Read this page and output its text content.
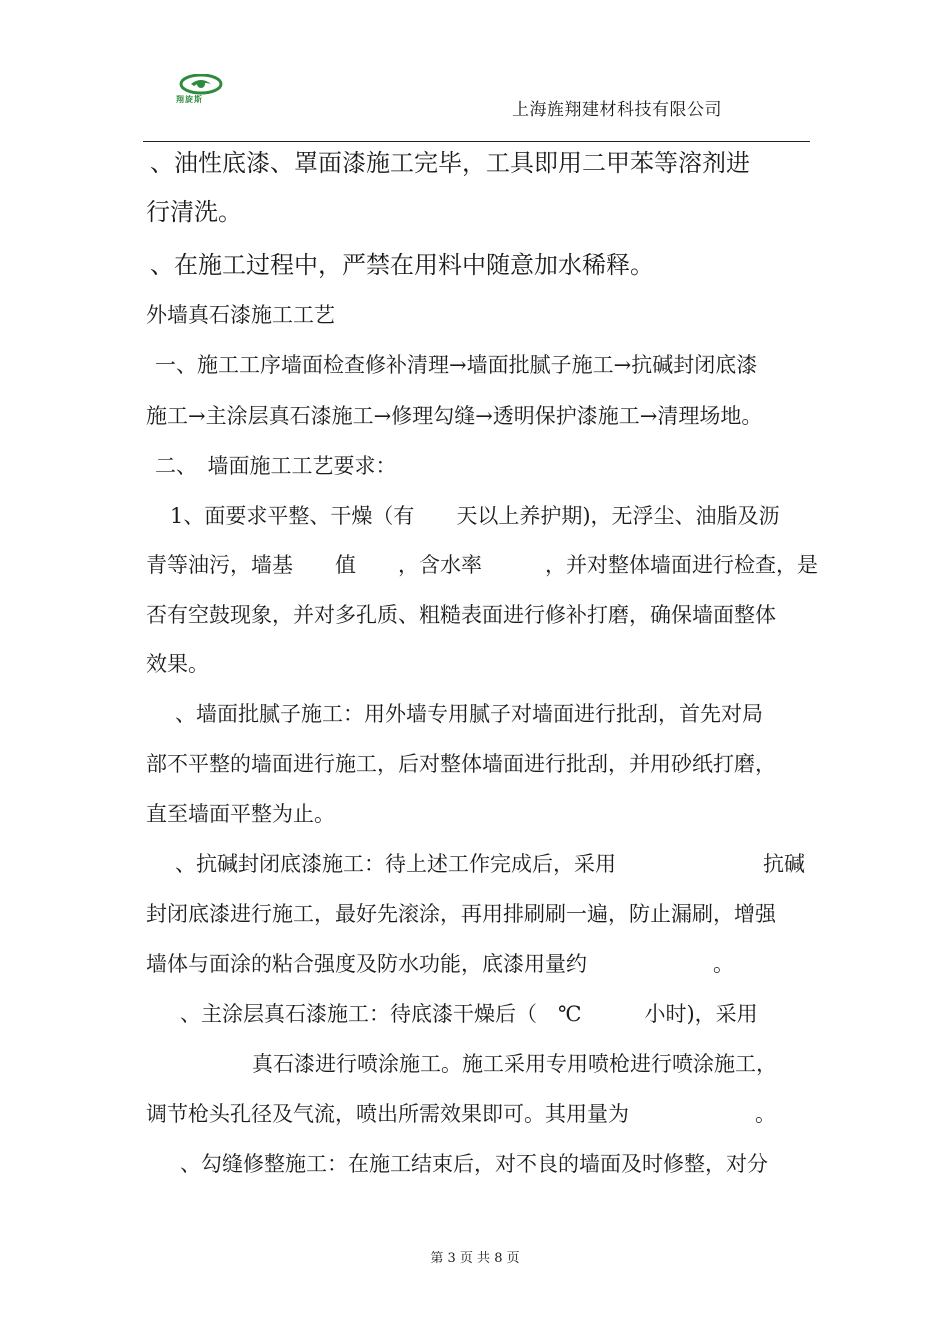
翔旋斯
上海旌翔建材科技有限公司
、油性底漆、罩面漆施工完毕，工具即用二甲苯等溶剂进
行清洗。
、在施工过程中，严禁在用料中随意加水稀释。
外墙真石漆施工工艺
一、施工工序墙面检查修补清理→墙面批腻子施工→抗碱封闭底漆
施工→主涂层真石漆施工→修理勾缝→透明保护漆施工→清理场地。
二、　墙面施工工艺要求：
1、面要求平整、干燥（有　　天以上养护期)，无浮尘、油脂及沥
青等油污，墙基　　值　　，含水率　　　，并对整体墙面进行检查，是
否有空鼓现象，并对多孔质、粗糙表面进行修补打磨，确保墙面整体
效果。
、墙面批腻子施工：用外墙专用腻子对墙面进行批刮，首先对局
部不平整的墙面进行施工，后对整体墙面进行批刮，并用砂纸打磨，
直至墙面平整为止。
、抗碱封闭底漆施工：待上述工作完成后，采用　　　　　　　抗碱
封闭底漆进行施工，最好先滚涂，再用排刷刷一遍，防止漏刷，增强
墙体与面涂的粘合强度及防水功能，底漆用量约　　　　　　。
、主涂层真石漆施工：待底漆干燥后（　℃　　　小时)，采用
真石漆进行喷涂施工。施工采用专用喷枪进行喷涂施工，
调节枪头孔径及气流，喷出所需效果即可。其用量为　　　　　　。
、勾缝修整施工：在施工结束后，对不良的墙面及时修整，对分
第 3 页 共 8 页
